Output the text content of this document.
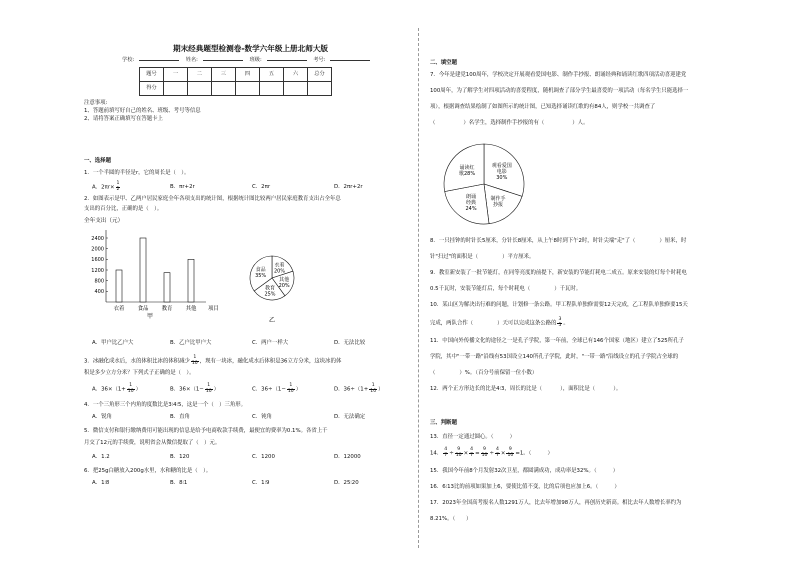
期末经典题型检测卷-数学六年级上册北师大版
学校:	姓名:	班级:	考号:
题号	一	二	三	四	五	六	总分
得分							
注意事项:
1、答题前填写好自己的姓名、班级、考号等信息
2、请将答案正确填写在答题卡上
一、选择题
1．一个半圆的半径是r，它的周长是（　）。
A．$2\pi r\times \frac{1}{2}$	B．πr+2r	C．2πr	D．2πr+2r
2．如图表示是甲、乙两户居民家庭全年各项支出的统计图，根据统计图比较两户居民家庭教育支出占全年总
支出的百分比，正确的是（　）。
全年支出（元）
2400
2000
1600
1200
800
400
衣着 食品 教育 其他 项目
甲
衣着
20%
其他
20%
教育
25%
食品
35%
乙
A．甲户比乙户大	B．乙户比甲户大	C．两户一样大	D．无法比较
3．冰融化成水后，水的体积比冰的体积减少 $\frac{1}{10}$ ，现有一块冰，融化成水后体积是36立方分米，这块冰的体
积是多少立方分米？下列式子正确的是（　）。
A．$36\times(1+ \frac{1}{10}$ ）	B．$36\times(1- \frac{1}{10}$ ）	C．$36\div(1- \frac{1}{10}$ ）	D．$36\div(1+ \frac{1}{10}$ ）
4．一个三角形三个内角的度数比是3∶4∶5，这是一个（　）三角形。
A．锐角	B．直角	C．钝角	D．无法确定
5．微信支付和银行缴纳费用可能出现的信息是给予电商收款手续费，最便宜的费率为0.1%。各省上千
月交了12元的手续费，说明省会从微信提取了（　）元。
A．1.2	B．120	C．1200	D．12000
6．把25g白糖放入200g水里，水和糖的比是（　）。
A．1∶8	B．8∶1	C．1∶9	D．25∶20
二、填空题
7．今年是建党100周年，学校决定开展观看爱国电影、制作手抄报、朗诵经典和诵读红歌四项活动喜迎建党
100周年，为了解学生对四项活动的喜爱程度，随机调查了部分学生最喜爱的一项活动（每名学生只能选择一
项），根据调查结果绘制了如图所示的统计图，已知选择诵读红歌的有84人，则学校一共调查了
（	）名学生，选择制作手抄报的有（	）人。
观看爱国
电影
30%
制作手
抄报
朗诵
经典
24%
诵读红
歌28%
8．一只挂钟的时针长5厘米，分针长8厘米，从上午8时到下午2时，时针尖端"走"了（	）厘米，时
针"扫过"的面积是（	）平方厘米。
9．教室新安装了一批节能灯，在同等亮度的前提下，新安装的节能灯耗电二成五。原来安装的灯每个时耗电
0.5千瓦时，安装节能灯后，每个时耗电（	）千瓦时。
10．某山区为解决出行难的问题，计划修一条公路。甲工程队单独修需要12天完成，乙工程队单独修要15天
完成，两队合作（	）天可以完成这条公路的 $\frac{3}{5}$ 。
11．中国向外传播文化的途径之一是孔子学院，第一年前，全球已有146个国家（地区）建立了525所孔子
学院，其中"一带一路"沿线有53国设立140所孔子学院，此时，"一带一路"沿线设立的孔子学院占全球的
（	）%。（百分号前保留一位小数）
12．两个正方形边长的比是4∶3，周长的比是（	），面积比是（	）。
三、判断题
13．直径一定通过圆心。（　　　）
14． $\frac{4}{7} \div \frac{9}{10} \times \frac{4}{7} = \frac{9}{10} \div \frac{4}{7} \times \frac{9}{10} =1$。（　　　）
15．我国今年前8个月发射32次卫星，都圆满成功，成功率是32%。（　　　）
16．6∶13比的前项如果加上6，要使比值不变，比的后项也应加上6。（　　　）
17．2023年全国高考报名人数1291万人，比去年增加98万人，再创历史新高。相比去年人数增长率约为
8.21%。（　　）
